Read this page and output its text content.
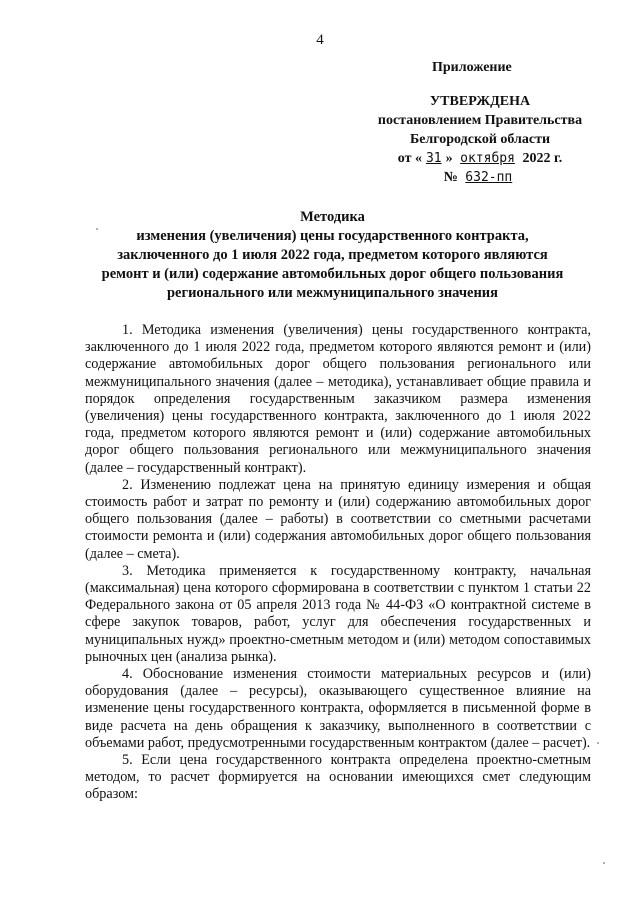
4
Приложение
УТВЕРЖДЕНА
постановлением Правительства
Белгородской области
от « 31 » октября 2022 г.
№ 632-пп
Методика
изменения (увеличения) цены государственного контракта,
заключенного до 1 июля 2022 года, предметом которого являются
ремонт и (или) содержание автомобильных дорог общего пользования
регионального или межмуниципального значения

1. Методика изменения (увеличения) цены государственного контракта, заключенного до 1 июля 2022 года, предметом которого являются ремонт и (или) содержание автомобильных дорог общего пользования регионального или межмуниципального значения (далее – методика), устанавливает общие правила и порядок определения государственным заказчиком размера изменения (увеличения) цены государственного контракта, заключенного до 1 июля 2022 года, предметом которого являются ремонт и (или) содержание автомобильных дорог общего пользования регионального или межмуниципального значения (далее – государственный контракт).

2. Изменению подлежат цена на принятую единицу измерения и общая стоимость работ и затрат по ремонту и (или) содержанию автомобильных дорог общего пользования (далее – работы) в соответствии со сметными расчетами стоимости ремонта и (или) содержания автомобильных дорог общего пользования (далее – смета).

3. Методика применяется к государственному контракту, начальная (максимальная) цена которого сформирована в соответствии с пунктом 1 статьи 22 Федерального закона от 05 апреля 2013 года № 44-ФЗ «О контрактной системе в сфере закупок товаров, работ, услуг для обеспечения государственных и муниципальных нужд» проектно-сметным методом и (или) методом сопоставимых рыночных цен (анализа рынка).

4. Обоснование изменения стоимости материальных ресурсов и (или) оборудования (далее – ресурсы), оказывающего существенное влияние на изменение цены государственного контракта, оформляется в письменной форме в виде расчета на день обращения к заказчику, выполненного в соответствии с объемами работ, предусмотренными государственным контрактом (далее – расчет).

5. Если цена государственного контракта определена проектно-сметным методом, то расчет формируется на основании имеющихся смет следующим образом:
